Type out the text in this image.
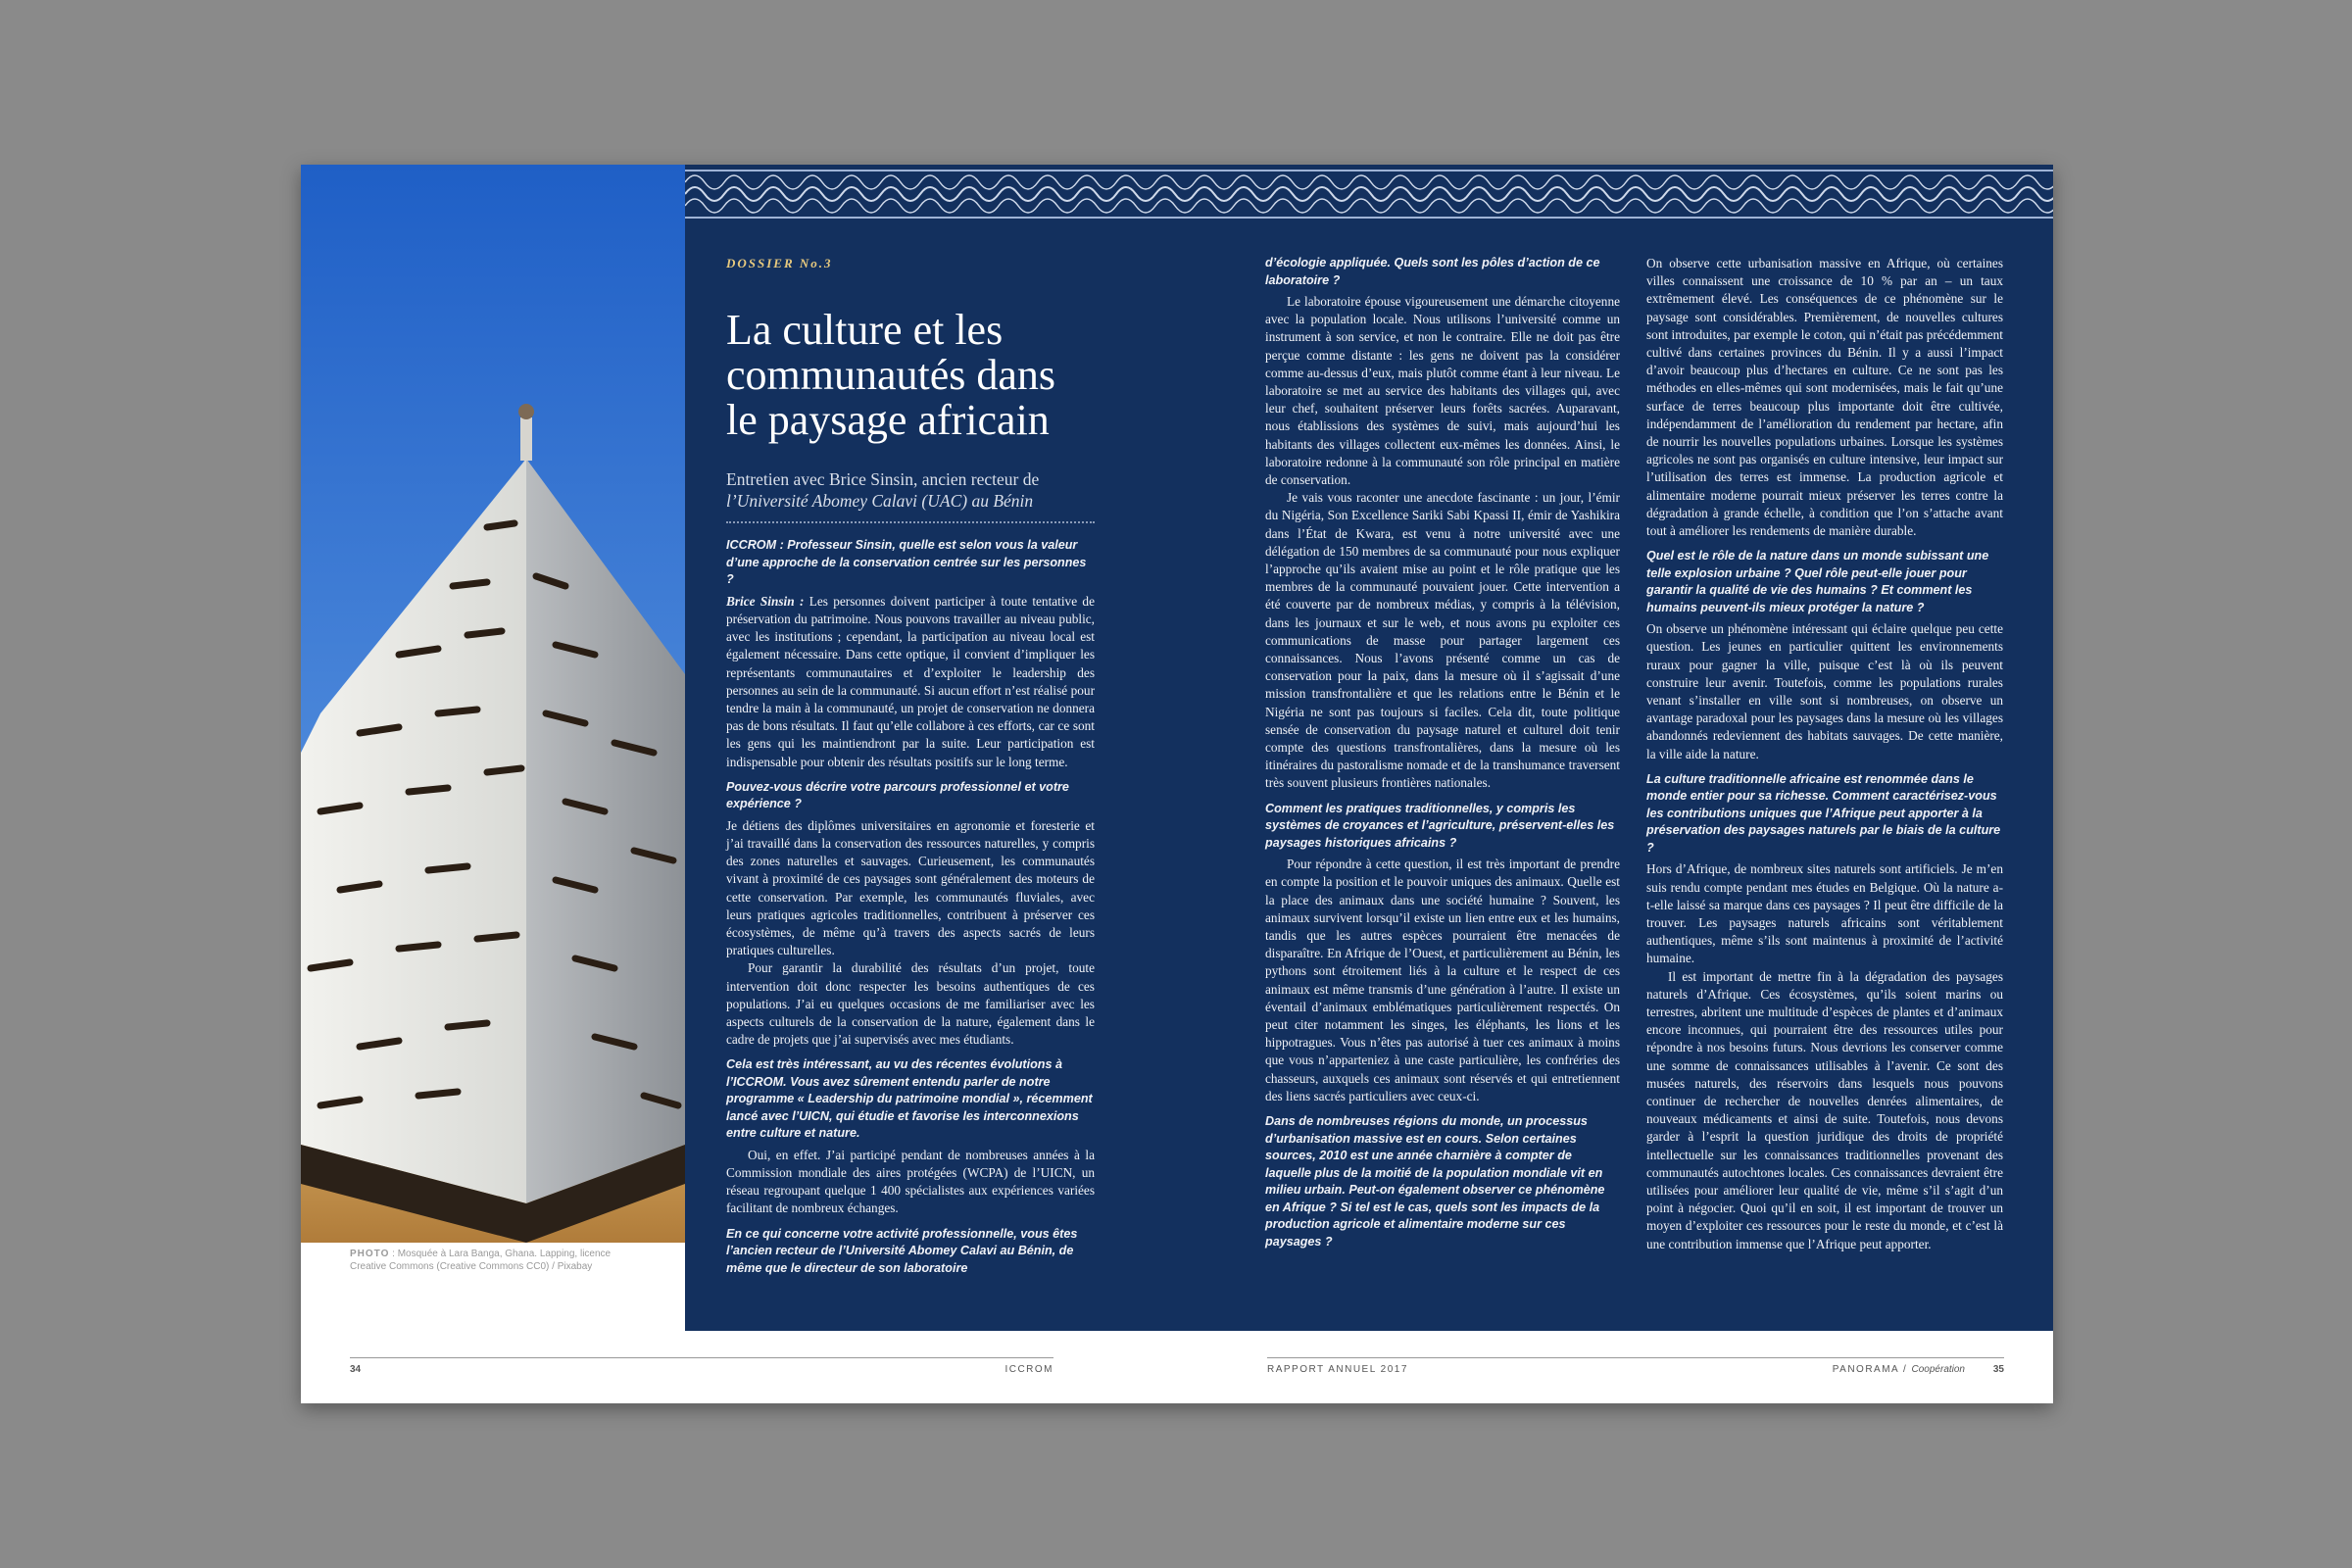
PHOTO : Mosquée à Lara Banga, Ghana. Lapping, licence Creative Commons (Creative Commons CC0) / Pixabay
DOSSIER No.3
La culture et les communautés dans le paysage africain
Entretien avec Brice Sinsin, ancien recteur de
l’Université Abomey Calavi (UAC) au Bénin

ICCROM : Professeur Sinsin, quelle est selon vous la valeur d’une approche de la conservation centrée sur les personnes ?

Brice Sinsin : Les personnes doivent participer à toute tentative de préservation du patrimoine. Nous pouvons travailler au niveau public, avec les institutions ; cependant, la participation au niveau local est également nécessaire. Dans cette optique, il convient d’impliquer les représentants communautaires et d’exploiter le leadership des personnes au sein de la communauté. Si aucun effort n’est réalisé pour tendre la main à la communauté, un projet de conservation ne donnera pas de bons résultats. Il faut qu’elle collabore à ces efforts, car ce sont les gens qui les maintiendront par la suite. Leur participation est indispensable pour obtenir des résultats positifs sur le long terme.

Pouvez-vous décrire votre parcours professionnel et votre expérience ?

Je détiens des diplômes universitaires en agronomie et foresterie et j’ai travaillé dans la conservation des ressources naturelles, y compris des zones naturelles et sauvages. Curieusement, les communautés vivant à proximité de ces paysages sont généralement des moteurs de cette conservation. Par exemple, les communautés fluviales, avec leurs pratiques agricoles traditionnelles, contribuent à préserver ces écosystèmes, de même qu’à travers des aspects sacrés de leurs pratiques culturelles.

Pour garantir la durabilité des résultats d’un projet, toute intervention doit donc respecter les besoins authentiques de ces populations. J’ai eu quelques occasions de me familiariser avec les aspects culturels de la conservation de la nature, également dans le cadre de projets que j’ai supervisés avec mes étudiants.

Cela est très intéressant, au vu des récentes évolutions à l’ICCROM. Vous avez sûrement entendu parler de notre programme « Leadership du patrimoine mondial », récemment lancé avec l’UICN, qui étudie et favorise les interconnexions entre culture et nature.

Oui, en effet. J’ai participé pendant de nombreuses années à la Commission mondiale des aires protégées (WCPA) de l’UICN, un réseau regroupant quelque 1 400 spécialistes aux expériences variées facilitant de nombreux échanges.

En ce qui concerne votre activité professionnelle, vous êtes l’ancien recteur de l’Université Abomey Calavi au Bénin, de même que le directeur de son laboratoire

d’écologie appliquée. Quels sont les pôles d’action de ce laboratoire ?

Le laboratoire épouse vigoureusement une démarche citoyenne avec la population locale. Nous utilisons l’université comme un instrument à son service, et non le contraire. Elle ne doit pas être perçue comme distante : les gens ne doivent pas la considérer comme au-dessus d’eux, mais plutôt comme étant à leur niveau. Le laboratoire se met au service des habitants des villages qui, avec leur chef, souhaitent préserver leurs forêts sacrées. Auparavant, nous établissions des systèmes de suivi, mais aujourd’hui les habitants des villages collectent eux-mêmes les données. Ainsi, le laboratoire redonne à la communauté son rôle principal en matière de conservation.

Je vais vous raconter une anecdote fascinante : un jour, l’émir du Nigéria, Son Excellence Sariki Sabi Kpassi II, émir de Yashikira dans l’État de Kwara, est venu à notre université avec une délégation de 150 membres de sa communauté pour nous expliquer l’approche qu’ils avaient mise au point et le rôle pratique que les membres de la communauté pouvaient jouer. Cette intervention a été couverte par de nombreux médias, y compris à la télévision, dans les journaux et sur le web, et nous avons pu exploiter ces communications de masse pour partager largement ces connaissances. Nous l’avons présenté comme un cas de conservation pour la paix, dans la mesure où il s’agissait d’une mission transfrontalière et que les relations entre le Bénin et le Nigéria ne sont pas toujours si faciles. Cela dit, toute politique sensée de conservation du paysage naturel et culturel doit tenir compte des questions transfrontalières, dans la mesure où les itinéraires du pastoralisme nomade et de la transhumance traversent très souvent plusieurs frontières nationales.

Comment les pratiques traditionnelles, y compris les systèmes de croyances et l’agriculture, préservent-elles les paysages historiques africains ?

Pour répondre à cette question, il est très important de prendre en compte la position et le pouvoir uniques des animaux. Quelle est la place des animaux dans une société humaine ? Souvent, les animaux survivent lorsqu’il existe un lien entre eux et les humains, tandis que les autres espèces pourraient être menacées de disparaître. En Afrique de l’Ouest, et particulièrement au Bénin, les pythons sont étroitement liés à la culture et le respect de ces animaux est même transmis d’une génération à l’autre. Il existe un éventail d’animaux emblématiques particulièrement respectés. On peut citer notamment les singes, les éléphants, les lions et les hippotragues. Vous n’êtes pas autorisé à tuer ces animaux à moins que vous n’apparteniez à une caste particulière, les confréries des chasseurs, auxquels ces animaux sont réservés et qui entretiennent des liens sacrés particuliers avec ceux-ci.

Dans de nombreuses régions du monde, un processus d’urbanisation massive est en cours. Selon certaines sources, 2010 est une année charnière à compter de laquelle plus de la moitié de la population mondiale vit en milieu urbain. Peut-on également observer ce phénomène en Afrique ? Si tel est le cas, quels sont les impacts de la production agricole et alimentaire moderne sur ces paysages ?

On observe cette urbanisation massive en Afrique, où certaines villes connaissent une croissance de 10 % par an – un taux extrêmement élevé. Les conséquences de ce phénomène sur le paysage sont considérables. Premièrement, de nouvelles cultures sont introduites, par exemple le coton, qui n’était pas précédemment cultivé dans certaines provinces du Bénin. Il y a aussi l’impact d’avoir beaucoup plus d’hectares en culture. Ce ne sont pas les méthodes en elles-mêmes qui sont modernisées, mais le fait qu’une surface de terres beaucoup plus importante doit être cultivée, indépendamment de l’amélioration du rendement par hectare, afin de nourrir les nouvelles populations urbaines. Lorsque les systèmes agricoles ne sont pas organisés en culture intensive, leur impact sur l’utilisation des terres est immense. La production agricole et alimentaire moderne pourrait mieux préserver les terres contre la dégradation à grande échelle, à condition que l’on s’attache avant tout à améliorer les rendements de manière durable.

Quel est le rôle de la nature dans un monde subissant une telle explosion urbaine ? Quel rôle peut-elle jouer pour garantir la qualité de vie des humains ? Et comment les humains peuvent-ils mieux protéger la nature ?

On observe un phénomène intéressant qui éclaire quelque peu cette question. Les jeunes en particulier quittent les environnements ruraux pour gagner la ville, puisque c’est là où ils peuvent construire leur avenir. Toutefois, comme les populations rurales venant s’installer en ville sont si nombreuses, on observe un avantage paradoxal pour les paysages dans la mesure où les villages abandonnés redeviennent des habitats sauvages. De cette manière, la ville aide la nature.

La culture traditionnelle africaine est renommée dans le monde entier pour sa richesse. Comment caractérisez-vous les contributions uniques que l’Afrique peut apporter à la préservation des paysages naturels par le biais de la culture ?

Hors d’Afrique, de nombreux sites naturels sont artificiels. Je m’en suis rendu compte pendant mes études en Belgique. Où la nature a-t-elle laissé sa marque dans ces paysages ? Il peut être difficile de la trouver. Les paysages naturels africains sont véritablement authentiques, même s’ils sont maintenus à proximité de l’activité humaine.

Il est important de mettre fin à la dégradation des paysages naturels d’Afrique. Ces écosystèmes, qu’ils soient marins ou terrestres, abritent une multitude d’espèces de plantes et d’animaux encore inconnues, qui pourraient être des ressources utiles pour répondre à nos besoins futurs. Nous devrions les conserver comme une somme de connaissances utilisables à l’avenir. Ce sont des musées naturels, des réservoirs dans lesquels nous pouvons continuer de rechercher de nouvelles denrées alimentaires, de nouveaux médicaments et ainsi de suite. Toutefois, nous devons garder à l’esprit la question juridique des droits de propriété intellectuelle sur les connaissances traditionnelles provenant des communautés autochtones locales. Ces connaissances devraient être utilisées pour améliorer leur qualité de vie, même s’il s’agit d’un point à négocier. Quoi qu’il en soit, il est important de trouver un moyen d’exploiter ces ressources pour le reste du monde, et c’est là une contribution immense que l’Afrique peut apporter.

34	ICCROM	RAPPORT ANNUEL 2017	PANORAMA / Coopération	35
